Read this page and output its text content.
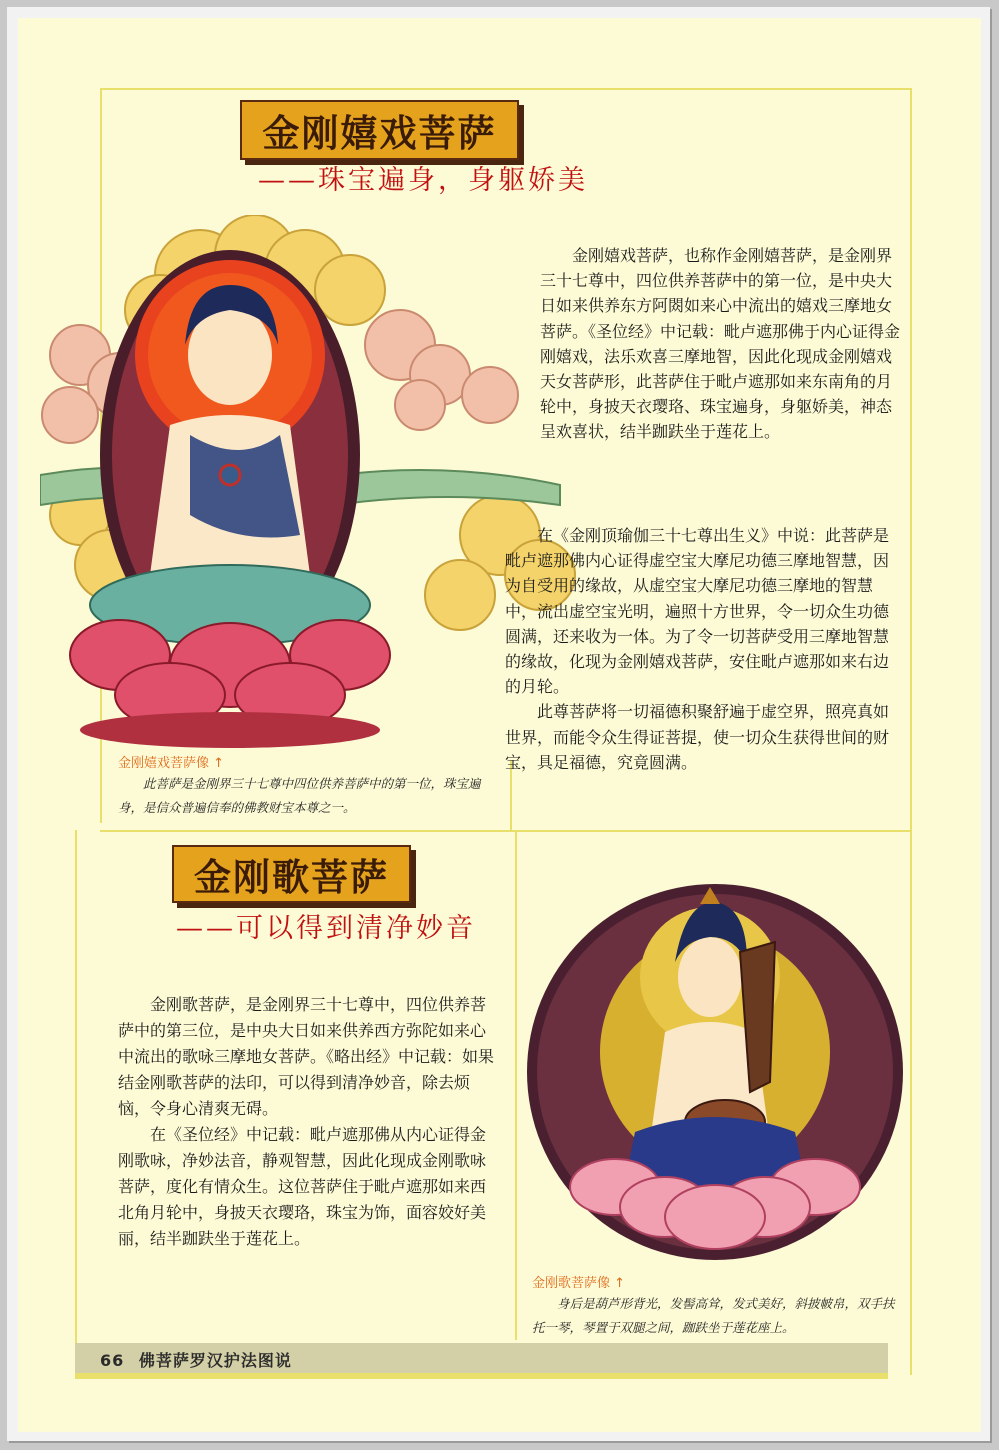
金刚嬉戏菩萨
——珠宝遍身，身躯娇美

金刚嬉戏菩萨，也称作金刚嬉菩萨，是金刚界三十七尊中，四位供养菩萨中的第一位，是中央大日如来供养东方阿閦如来心中流出的嬉戏三摩地女菩萨。《圣位经》中记载：毗卢遮那佛于内心证得金刚嬉戏，法乐欢喜三摩地智，因此化现成金刚嬉戏天女菩萨形，此菩萨住于毗卢遮那如来东南角的月轮中，身披天衣璎珞、珠宝遍身，身躯娇美，神态呈欢喜状，结半跏趺坐于莲花上。

在《金刚顶瑜伽三十七尊出生义》中说：此菩萨是毗卢遮那佛内心证得虚空宝大摩尼功德三摩地智慧，因为自受用的缘故，从虚空宝大摩尼功德三摩地的智慧中，流出虚空宝光明，遍照十方世界，令一切众生功德圆满，还来收为一体。为了令一切菩萨受用三摩地智慧的缘故，化现为金刚嬉戏菩萨，安住毗卢遮那如来右边的月轮。

此尊菩萨将一切福德积聚舒遍于虚空界，照亮真如世界，而能令众生得证菩提，使一切众生获得世间的财宝，具足福德，究竟圆满。

金刚嬉戏菩萨像 ↑
此菩萨是金刚界三十七尊中四位供养菩萨中的第一位，珠宝遍身，是信众普遍信奉的佛教财宝本尊之一。
金刚歌菩萨
——可以得到清净妙音

金刚歌菩萨，是金刚界三十七尊中，四位供养菩萨中的第三位，是中央大日如来供养西方弥陀如来心中流出的歌咏三摩地女菩萨。《略出经》中记载：如果结金刚歌菩萨的法印，可以得到清净妙音，除去烦恼，令身心清爽无碍。

在《圣位经》中记载：毗卢遮那佛从内心证得金刚歌咏，净妙法音，静观智慧，因此化现成金刚歌咏菩萨，度化有情众生。这位菩萨住于毗卢遮那如来西北角月轮中，身披天衣璎珞，珠宝为饰，面容姣好美丽，结半跏趺坐于莲花上。

金刚歌菩萨像 ↑
身后是葫芦形背光，发髻高耸，发式美好，斜披帔帛，双手扶托一琴，琴置于双腿之间，跏趺坐于莲花座上。
66 佛菩萨罗汉护法图说
